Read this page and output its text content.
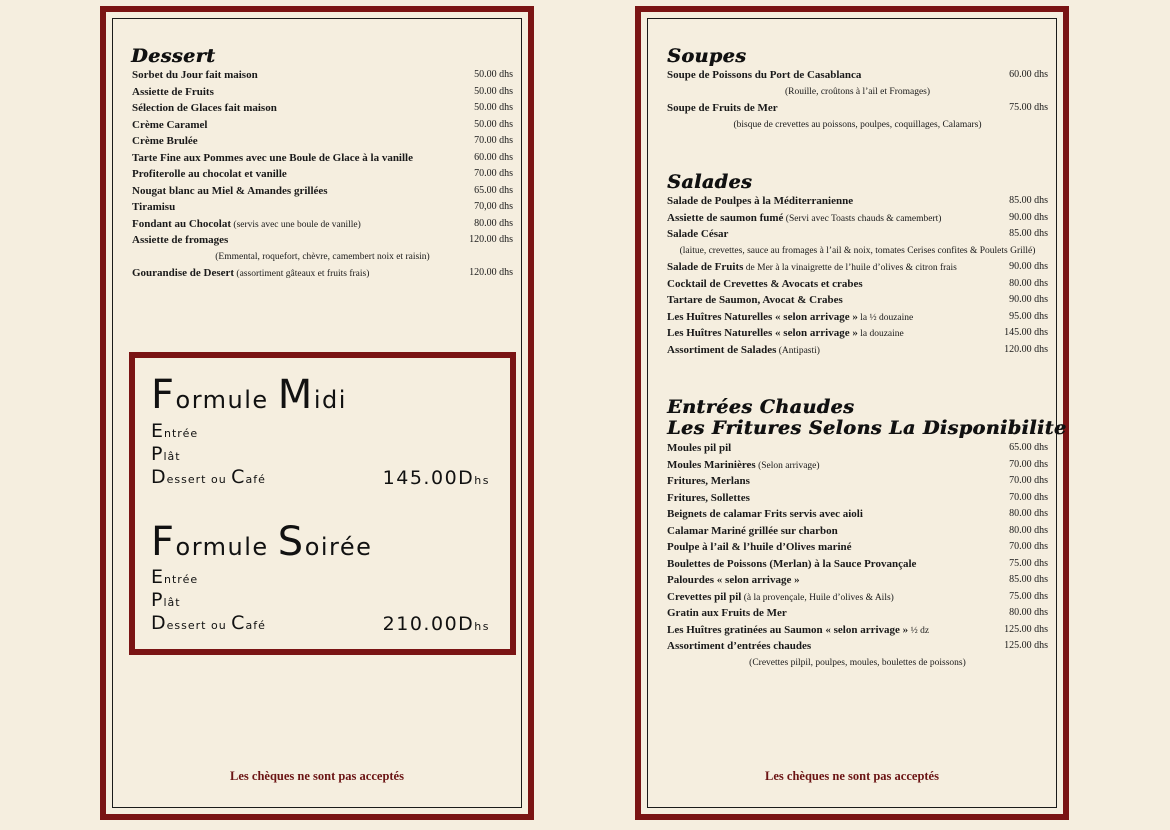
Les chèques ne sont pas acceptés	Les chèques ne sont pas acceptés
Dessert
Sorbet du Jour fait maison	50.00 dhs
Assiette de Fruits	50.00 dhs
Sélection de Glaces fait maison	50.00 dhs
Crème Caramel	50.00 dhs
Crème Brulée	70.00 dhs
Tarte Fine aux Pommes avec une Boule de Glace à la vanille	60.00 dhs
Profiterolle au chocolat et vanille	70.00 dhs
Nougat blanc au Miel & Amandes grillées	65.00 dhs
Tiramisu	70,00 dhs
Fondant au Chocolat (servis avec une boule de vanille)	80.00 dhs
Assiette de fromages	120.00 dhs
(Emmental, roquefort, chèvre, camembert noix et raisin)
Gourandise de Desert (assortiment gâteaux et fruits frais)	120.00 dhs
Formule Midi
Entrée
Plât
Dessert ou Café	145.00Dhs
Formule Soirée
Entrée
Plât
Dessert ou Café	210.00Dhs
Soupes
Soupe de Poissons du Port de Casablanca	60.00 dhs
(Rouille, croûtons à l’ail et Fromages)
Soupe de Fruits de Mer	75.00 dhs
(bisque de crevettes au poissons, poulpes, coquillages, Calamars)
Salades
Salade de Poulpes à la Méditerranienne	85.00 dhs
Assiette de saumon fumé (Servi avec Toasts chauds & camembert)	90.00 dhs
Salade César	85.00 dhs
(laitue, crevettes, sauce au fromages à l’ail & noix, tomates Cerises confites & Poulets Grillé)
Salade de Fruits de Mer à la vinaigrette de l’huile d’olives & citron frais	90.00 dhs
Cocktail de Crevettes & Avocats et crabes	80.00 dhs
Tartare de Saumon, Avocat & Crabes	90.00 dhs
Les Huîtres Naturelles « selon arrivage » la ½ douzaine	95.00 dhs
Les Huîtres Naturelles « selon arrivage » la douzaine	145.00 dhs
Assortiment de Salades (Antipasti)	120.00 dhs
Entrées Chaudes
Les Fritures Selons La Disponibilite
Moules pil pil	65.00 dhs
Moules Marinières (Selon arrivage)	70.00 dhs
Fritures, Merlans	70.00 dhs
Fritures, Sollettes	70.00 dhs
Beignets de calamar Frits servis avec aioli	80.00 dhs
Calamar Mariné grillée sur charbon	80.00 dhs
Poulpe à l’ail & l’huile d’Olives mariné	70.00 dhs
Boulettes de Poissons (Merlan) à la Sauce Provançale	75.00 dhs
Palourdes « selon arrivage »	85.00 dhs
Crevettes pil pil (à la provençale, Huile d’olives & Ails)	75.00 dhs
Gratin aux Fruits de Mer	80.00 dhs
Les Huîtres gratinées au Saumon « selon arrivage » ½ dz	125.00 dhs
Assortiment d’entrées chaudes	125.00 dhs
(Crevettes pilpil, poulpes, moules, boulettes de poissons)
